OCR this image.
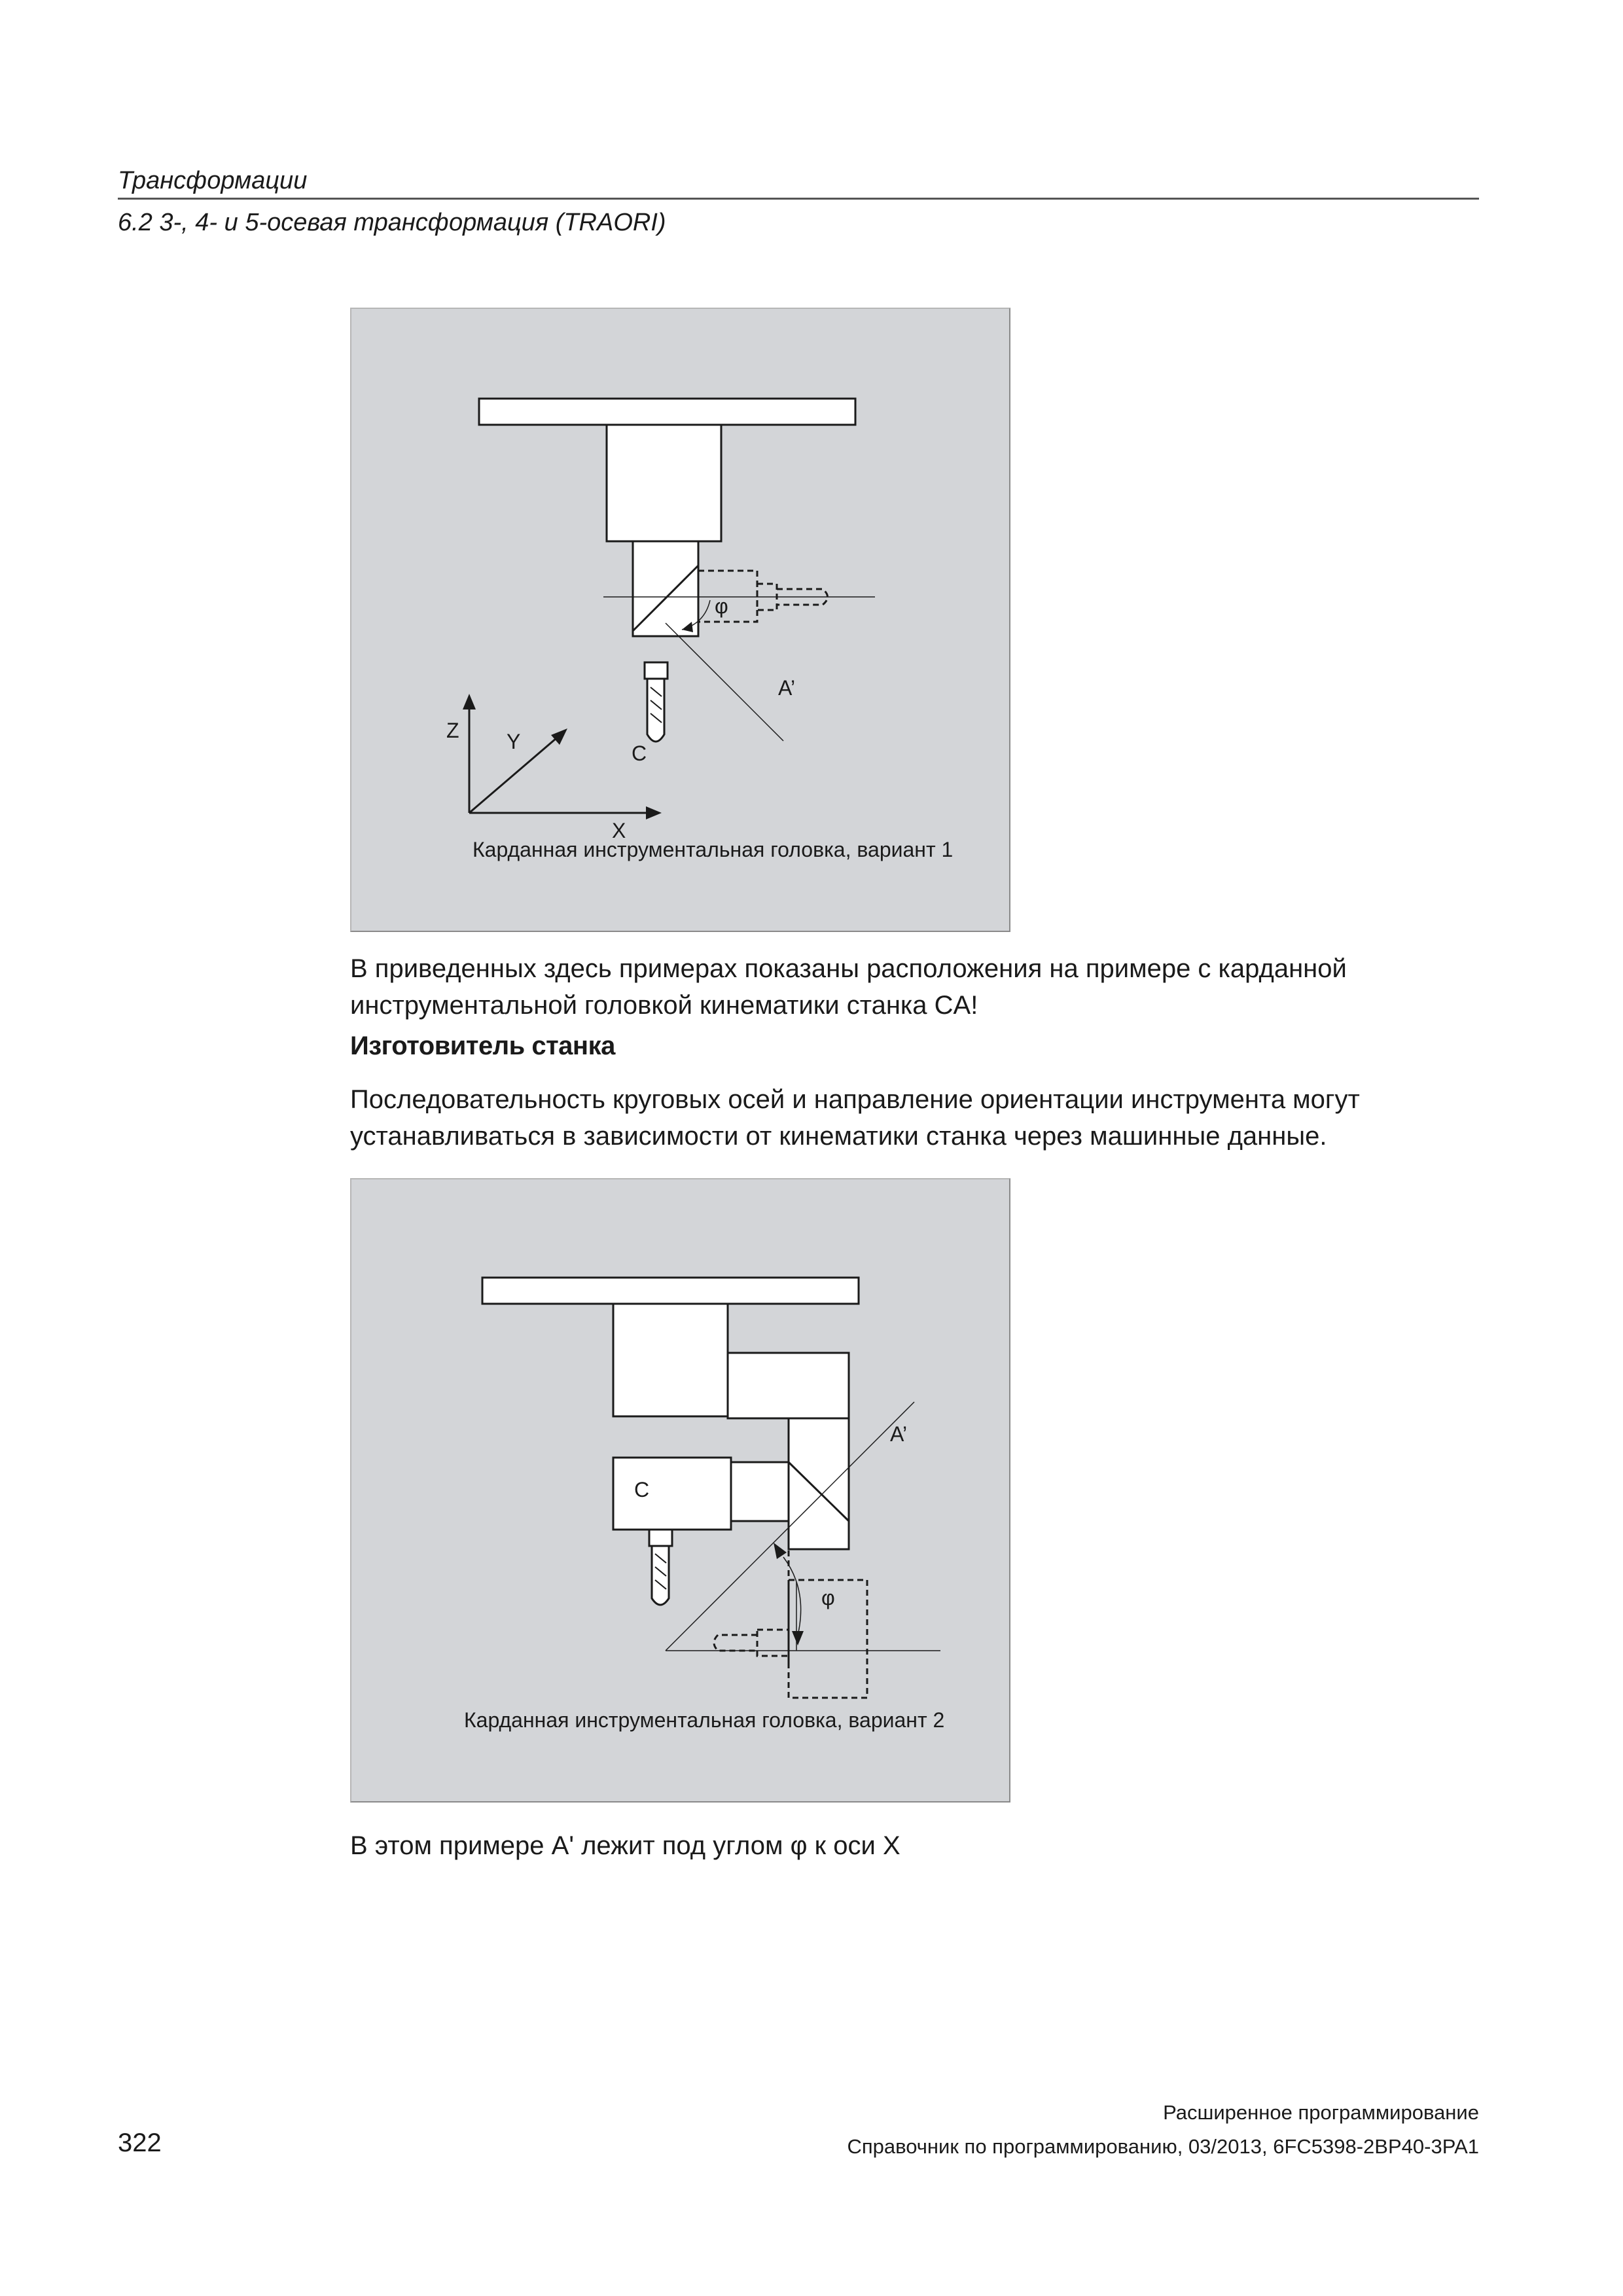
Трансформации
6.2 3-, 4- и 5-осевая трансформация (TRAORI)
φ
A’
C
Z Y
X
Карданная инструментальная головка, вариант 1
В приведенных здесь примерах показаны расположения на примере с карданной инструментальной головкой кинематики станка CA!
Изготовитель станка
Последовательность круговых осей и направление ориентации инструмента могут устанавливаться в зависимости от кинематики станка через машинные данные.
A’
C
φ
Карданная инструментальная головка, вариант 2
В этом примере A' лежит под углом φ к оси X
Расширенное программирование
322	Справочник по программированию, 03/2013, 6FC5398-2BP40-3PA1
